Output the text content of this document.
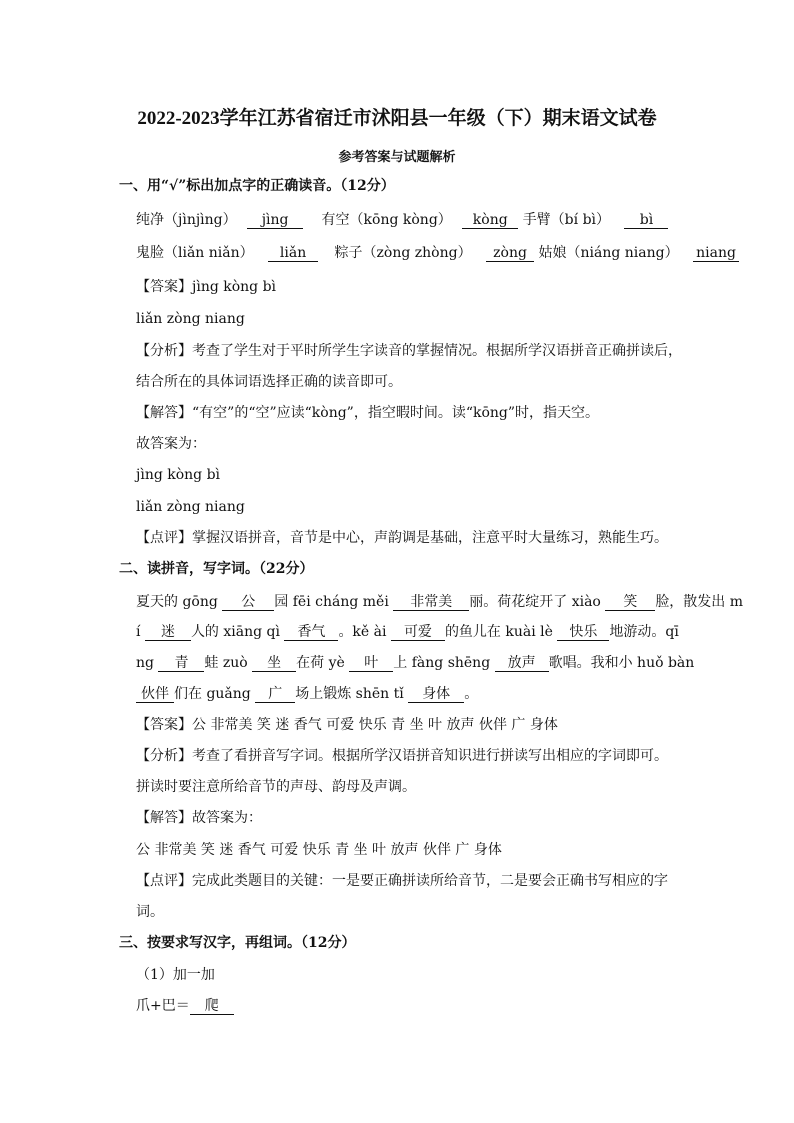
2022-2023学年江苏省宿迁市沭阳县一年级（下）期末语文试卷
参考答案与试题解析
一、用“√”标出加点字的正确读音。（12分）
纯净（jìnjìng） jìng 有空（kōng kòng） kòng 手臂（bí bì） bì
鬼脸（liǎn niǎn） liǎn 粽子（zòng zhòng） zòng 姑娘（niáng niang） niang
【答案】jìng kòng bì
liǎn zòng niang
【分析】考查了学生对于平时所学生字读音的掌握情况。根据所学汉语拼音正确拼读后，
结合所在的具体词语选择正确的读音即可。
【解答】“有空”的“空”应读“kòng”，指空暇时间。读“kōng”时，指天空。
故答案为：
jìng kòng bì
liǎn zòng niang
【点评】掌握汉语拼音，音节是中心，声韵调是基础，注意平时大量练习，熟能生巧。
二、读拼音，写字词。（22分）
夏天的 gōng 公 园 fēi cháng měi 非常美 丽。荷花绽开了 xiào 笑 脸，散发出 m
í 迷 人的 xiāng qì 香气 。kě ài 可爱 的鱼儿在 kuài lè 快乐 地游动。qī
ng 青 蛙 zuò 坐 在荷 yè 叶 上 fàng shēng 放声 歌唱。我和小 huǒ bàn
伙伴 们在 guǎng 广 场上锻炼 shēn tǐ 身体 。
【答案】公 非常美 笑 迷 香气 可爱 快乐 青 坐 叶 放声 伙伴 广 身体
【分析】考查了看拼音写字词。根据所学汉语拼音知识进行拼读写出相应的字词即可。
拼读时要注意所给音节的声母、韵母及声调。
【解答】故答案为：
公 非常美 笑 迷 香气 可爱 快乐 青 坐 叶 放声 伙伴 广 身体
【点评】完成此类题目的关键：一是要正确拼读所给音节，二是要会正确书写相应的字
词。
三、按要求写汉字，再组词。（12分）
（1）加一加
爪+巴＝ 爬
